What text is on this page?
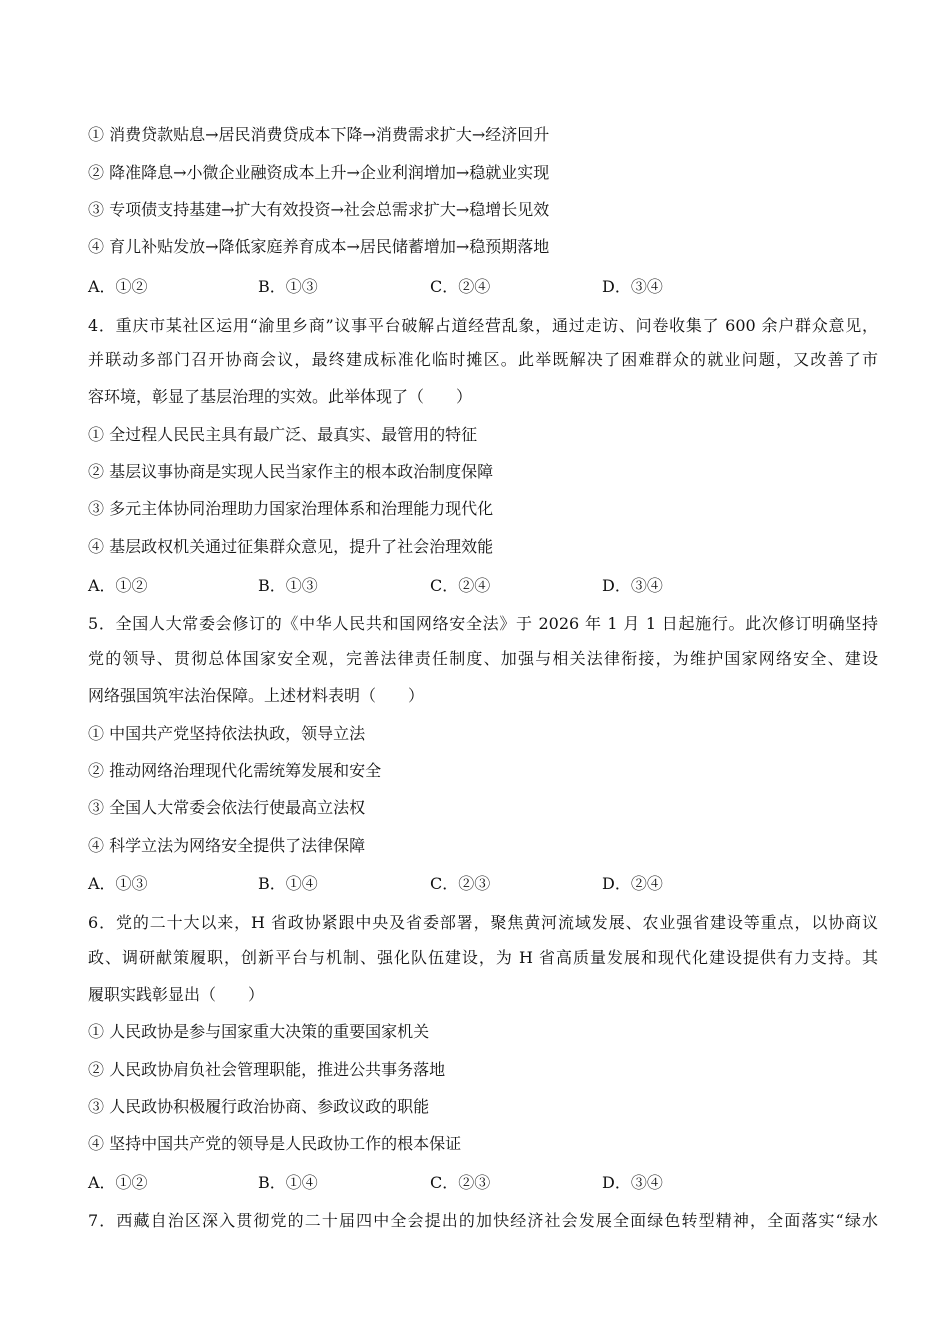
① 消费贷款贴息→居民消费贷成本下降→消费需求扩大→经济回升
② 降准降息→小微企业融资成本上升→企业利润增加→稳就业实现
③ 专项债支持基建→扩大有效投资→社会总需求扩大→稳增长见效
④ 育儿补贴发放→降低家庭养育成本→居民储蓄增加→稳预期落地
A．①②	B．①③	C．②④	D．③④
4．重庆市某社区运用“渝里乡商”议事平台破解占道经营乱象，通过走访、问卷收集了 600 余户群众意见，
并联动多部门召开协商会议，最终建成标准化临时摊区。此举既解决了困难群众的就业问题，又改善了市
容环境，彰显了基层治理的实效。此举体现了（　　）
① 全过程人民民主具有最广泛、最真实、最管用的特征
② 基层议事协商是实现人民当家作主的根本政治制度保障
③ 多元主体协同治理助力国家治理体系和治理能力现代化
④ 基层政权机关通过征集群众意见，提升了社会治理效能
A．①②	B．①③	C．②④	D．③④
5．全国人大常委会修订的《中华人民共和国网络安全法》于 2026 年 1 月 1 日起施行。此次修订明确坚持
党的领导、贯彻总体国家安全观，完善法律责任制度、加强与相关法律衔接，为维护国家网络安全、建设
网络强国筑牢法治保障。上述材料表明（　　）
① 中国共产党坚持依法执政，领导立法
② 推动网络治理现代化需统筹发展和安全
③ 全国人大常委会依法行使最高立法权
④ 科学立法为网络安全提供了法律保障
A．①③	B．①④	C．②③	D．②④
6．党的二十大以来，H 省政协紧跟中央及省委部署，聚焦黄河流域发展、农业强省建设等重点，以协商议
政、调研献策履职，创新平台与机制、强化队伍建设，为 H 省高质量发展和现代化建设提供有力支持。其
履职实践彰显出（　　）
① 人民政协是参与国家重大决策的重要国家机关
② 人民政协肩负社会管理职能，推进公共事务落地
③ 人民政协积极履行政治协商、参政议政的职能
④ 坚持中国共产党的领导是人民政协工作的根本保证
A．①②	B．①④	C．②③	D．③④
7．西藏自治区深入贯彻党的二十届四中全会提出的加快经济社会发展全面绿色转型精神，全面落实“绿水
